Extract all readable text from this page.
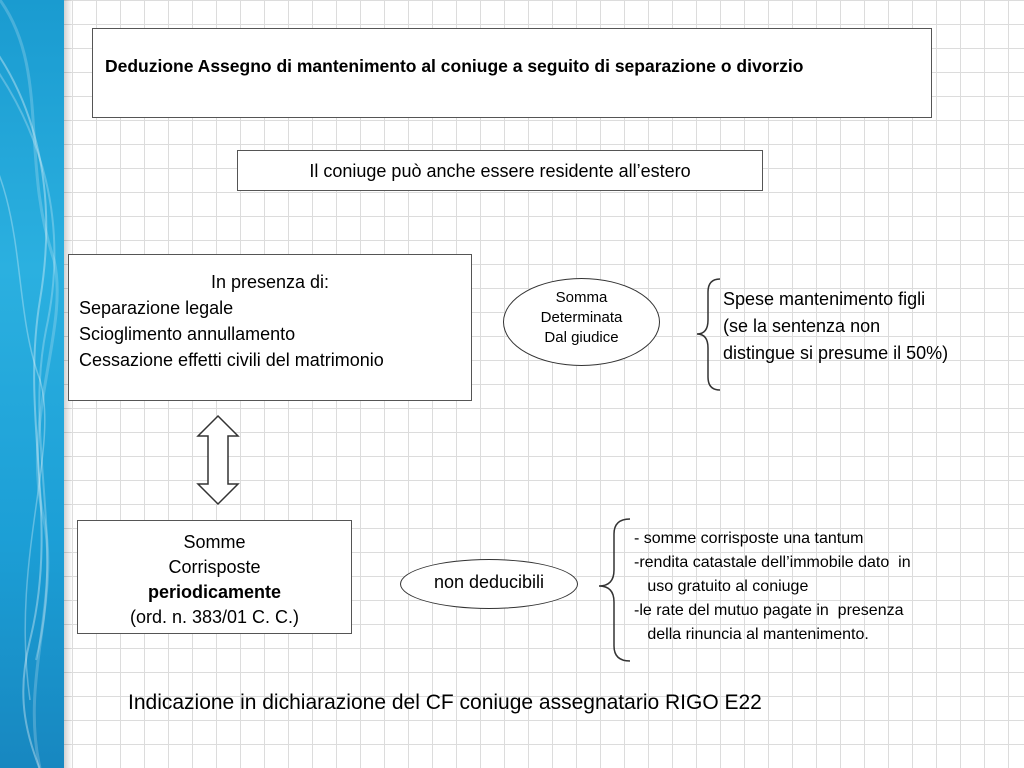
Deduzione Assegno di mantenimento al coniuge a seguito di separazione o divorzio
Il coniuge può anche essere residente all’estero
In presenza di:
Separazione legale
Scioglimento annullamento
Cessazione effetti civili del matrimonio
Somma
Determinata
Dal giudice
Spese mantenimento figli
(se la sentenza non
distingue si presume il 50%)
Somme
Corrisposte
periodicamente
(ord. n. 383/01 C. C.)
non deducibili
- somme corrisposte una tantum
-rendita catastale dell’immobile dato  in
uso gratuito al coniuge
-le rate del mutuo pagate in  presenza
della rinuncia al mantenimento.
Indicazione in dichiarazione del CF coniuge assegnatario RIGO E22
